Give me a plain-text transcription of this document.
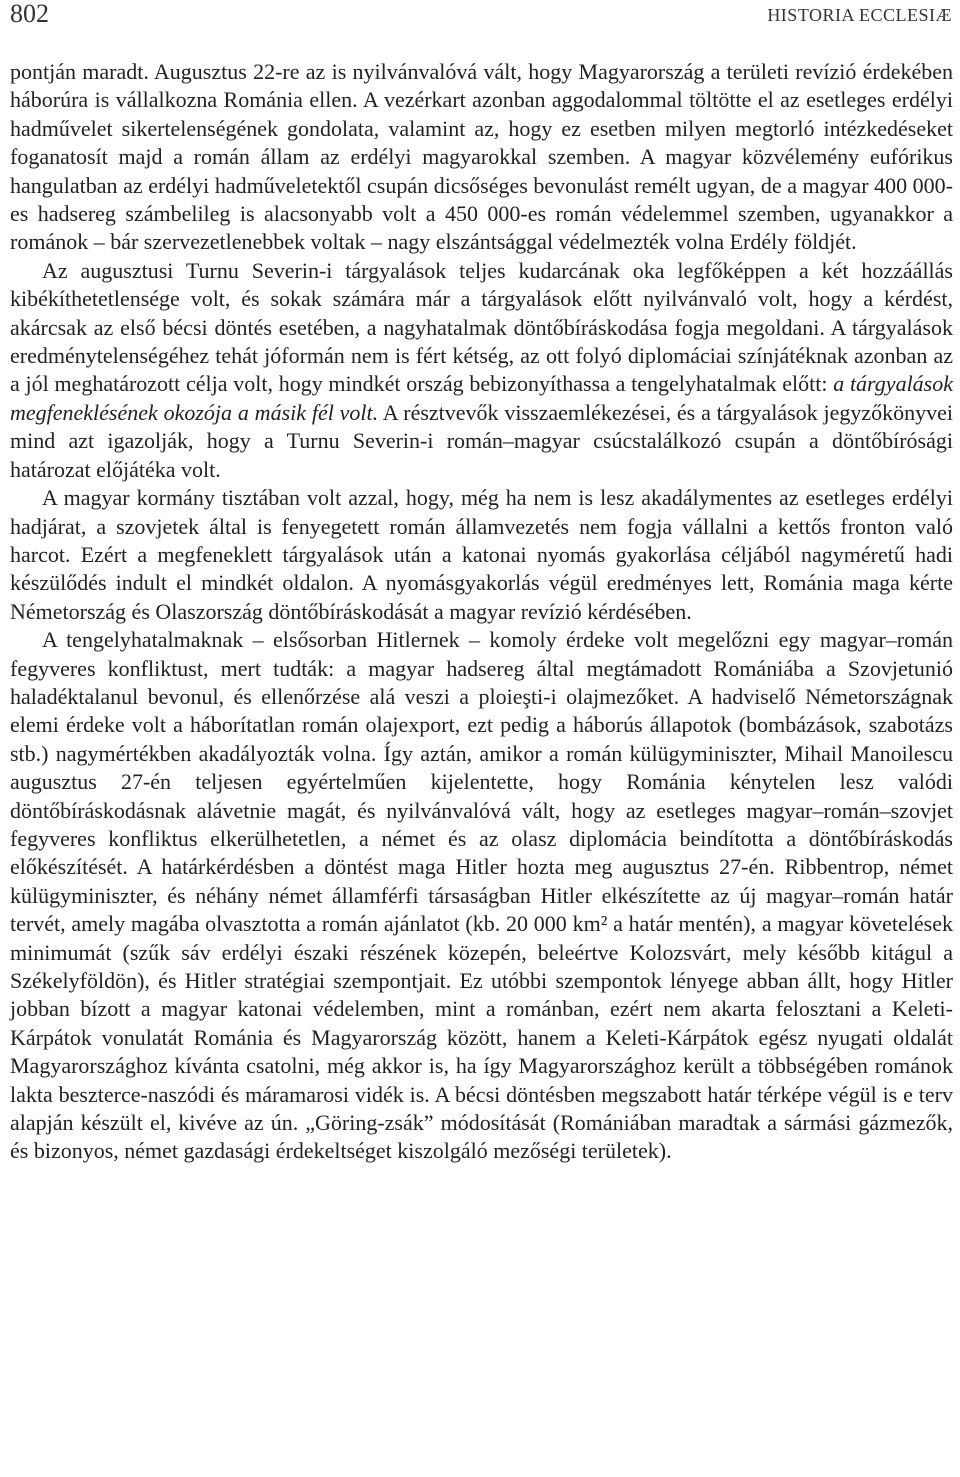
802	HISTORIA ECCLESIÆ

pontján maradt. Augusztus 22-re az is nyilvánvalóvá vált, hogy Magyarország a területi revízió érdekében háborúra is vállalkozna Románia ellen. A vezérkart azonban aggodalommal töltötte el az esetleges erdélyi hadművelet sikertelenségének gondolata, valamint az, hogy ez esetben milyen megtorló intézkedéseket foganatosít majd a román állam az erdélyi magyarokkal szemben. A magyar közvélemény eufórikus hangulatban az erdélyi hadműveletektől csupán dicsőséges bevonulást remélt ugyan, de a magyar 400 000-es hadsereg számbelileg is alacsonyabb volt a 450 000-es román védelemmel szemben, ugyanakkor a románok – bár szervezetlenebbek voltak – nagy elszántsággal védelmezték volna Erdély földjét.

Az augusztusi Turnu Severin-i tárgyalások teljes kudarcának oka legfőképpen a két hozzáállás kibékíthetetlensége volt, és sokak számára már a tárgyalások előtt nyilvánvaló volt, hogy a kérdést, akárcsak az első bécsi döntés esetében, a nagyhatalmak döntőbíráskodása fogja megoldani. A tárgyalások eredménytelenségéhez tehát jóformán nem is fért kétség, az ott folyó diplomáciai színjátéknak azonban az a jól meghatározott célja volt, hogy mindkét ország bebizonyíthassa a tengelyhatalmak előtt: a tárgyalások megfeneklésének okozója a másik fél volt. A résztvevők visszaemlékezései, és a tárgyalások jegyzőkönyvei mind azt igazolják, hogy a Turnu Severin-i román–magyar csúcstalálkozó csupán a döntőbírósági határozat előjátéka volt.

A magyar kormány tisztában volt azzal, hogy, még ha nem is lesz akadálymentes az esetleges erdélyi hadjárat, a szovjetek által is fenyegetett román államvezetés nem fogja vállalni a kettős fronton való harcot. Ezért a megfeneklett tárgyalások után a katonai nyomás gyakorlása céljából nagyméretű hadi készülődés indult el mindkét oldalon. A nyomásgyakorlás végül eredményes lett, Románia maga kérte Németország és Olaszország döntőbíráskodását a magyar revízió kérdésében.

A tengelyhatalmaknak – elsősorban Hitlernek – komoly érdeke volt megelőzni egy magyar–román fegyveres konfliktust, mert tudták: a magyar hadsereg által megtámadott Romániába a Szovjetunió haladéktalanul bevonul, és ellenőrzése alá veszi a ploieşti-i olajmezőket. A hadviselő Németországnak elemi érdeke volt a háborítatlan román olajexport, ezt pedig a háborús állapotok (bombázások, szabotázs stb.) nagymértékben akadályozták volna. Így aztán, amikor a román külügyminiszter, Mihail Manoilescu augusztus 27-én teljesen egyértelműen kijelentette, hogy Románia kénytelen lesz valódi döntőbíráskodásnak alávetnie magát, és nyilvánvalóvá vált, hogy az esetleges magyar–román–szovjet fegyveres konfliktus elkerülhetetlen, a német és az olasz diplomácia beindította a döntőbíráskodás előkészítését. A határkérdésben a döntést maga Hitler hozta meg augusztus 27-én. Ribbentrop, német külügyminiszter, és néhány német államférfi társaságban Hitler elkészítette az új magyar–román határ tervét, amely magába olvasztotta a román ajánlatot (kb. 20 000 km² a határ mentén), a magyar követelések minimumát (szűk sáv erdélyi északi részének közepén, beleértve Kolozsvárt, mely később kitágul a Székelyföldön), és Hitler stratégiai szempontjait. Ez utóbbi szempontok lényege abban állt, hogy Hitler jobban bízott a magyar katonai védelemben, mint a románban, ezért nem akarta felosztani a Keleti-Kárpátok vonulatát Románia és Magyarország között, hanem a Keleti-Kárpátok egész nyugati oldalát Magyarországhoz kívánta csatolni, még akkor is, ha így Magyarországhoz került a többségében románok lakta beszterce-naszódi és máramarosi vidék is. A bécsi döntésben megszabott határ térképe végül is e terv alapján készült el, kivéve az ún. „Göring-zsák” módosítását (Romániában maradtak a sármási gázmezők, és bizonyos, német gazdasági érdekeltséget kiszolgáló mezőségi területek).
